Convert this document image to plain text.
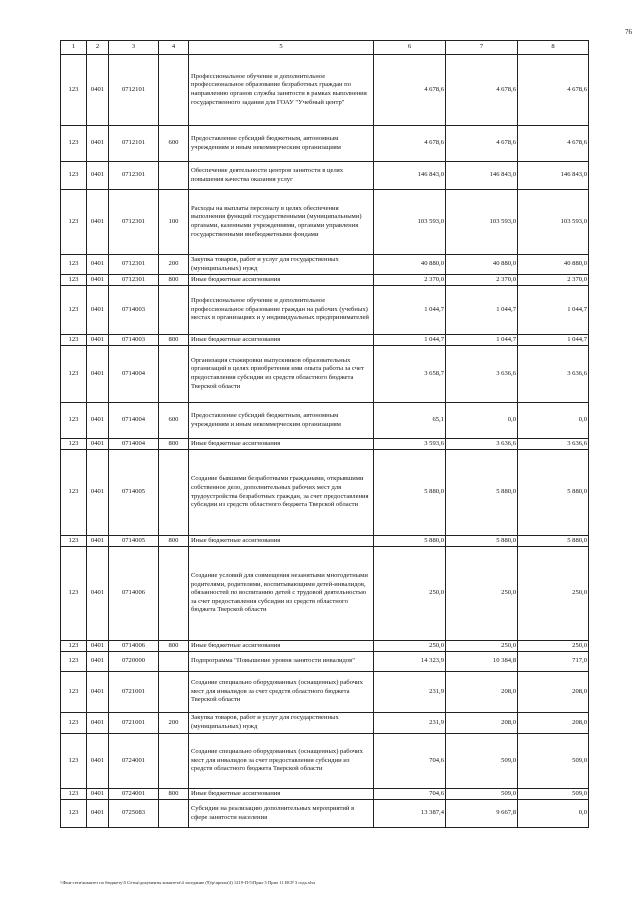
76
1	2	3	4	5	6	7	8
123	0401	0712101		Профессиональное обучение и дополнительное профессиональное образование безработных граждан по направлению органов службы занятости в рамках выполнения государственного задания для ГОАУ "Учебный центр"	4 678,6	4 678,6	4 678,6
123	0401	0712101	600	Предоставление субсидий бюджетным, автономным учреждениям и иным некоммерческим организациям	4 678,6	4 678,6	4 678,6
123	0401	0712301		Обеспечение деятельности центров занятости в целях повышения качества оказания услуг	146 843,0	146 843,0	146 843,0
123	0401	0712301	100	Расходы на выплаты персоналу в целях обеспечения выполнения функций государственными (муниципальными) органами, казенными учреждениями, органами управления государственными внебюджетными фондами	103 593,0	103 593,0	103 593,0
123	0401	0712301	200	Закупка товаров, работ и услуг для государственных (муниципальных) нужд	40 880,0	40 880,0	40 880,0
123	0401	0712301	800	Иные бюджетные ассигнования	2 370,0	2 370,0	2 370,0
123	0401	0714003		Профессиональное обучение и дополнительное профессиональное образование граждан на рабочих (учебных) местах в организациях и у индивидуальных предпринимателей	1 044,7	1 044,7	1 044,7
123	0401	0714003	800	Иные бюджетные ассигнования	1 044,7	1 044,7	1 044,7
123	0401	0714004		Организация стажировки выпускников образовательных организаций в целях приобретения ими опыта работы за счет предоставления субсидии из средств областного бюджета Тверской области	3 658,7	3 636,6	3 636,6
123	0401	0714004	600	Предоставление субсидий бюджетным, автономным учреждениям и иным некоммерческим организациям	65,1	0,0	0,0
123	0401	0714004	800	Иные бюджетные ассигнования	3 593,6	3 636,6	3 636,6
123	0401	0714005		Создание бывшими безработными гражданами, открывшими собственное дело, дополнительных рабочих мест для трудоустройства безработных граждан, за счет предоставления субсидии из средств областного бюджета Тверской области	5 880,0	5 880,0	5 880,0
123	0401	0714005	800	Иные бюджетные ассигнования	5 880,0	5 880,0	5 880,0
123	0401	0714006		Создание условий для совмещения незанятыми многодетными родителями, родителями, воспитывающими детей-инвалидов, обязанностей по воспитанию детей с трудовой деятельностью за счет предоставления субсидии из средств областного бюджета Тверской области	250,0	250,0	250,0
123	0401	0714006	800	Иные бюджетные ассигнования	250,0	250,0	250,0
123	0401	0720000		Подпрограмма "Повышение уровня занятости инвалидов"	14 323,9	10 384,8	717,0
123	0401	0721001		Создание специально оборудованных (оснащенных) рабочих мест для инвалидов за счет средств областного бюджета Тверской области	231,9	208,0	208,0
123	0401	0721001	200	Закупка товаров, работ и услуг для государственных (муниципальных) нужд	231,9	208,0	208,0
123	0401	0724001		Создание специально оборудованных (оснащенных) рабочих мест для инвалидов за счет предоставления субсидии из средств областного бюджета Тверской области	704,6	509,0	509,0
123	0401	0724001	800	Иные бюджетные ассигнования	704,6	509,0	509,0
123	0401	0725083		Субсидии на реализацию дополнительных мероприятий в сфере занятости населения	13 387,4	9 667,8	0,0
\\Фин-сети\комитет по бюджету\5 Сетья\документы комитета\4 заседание (9)\р\прило(4) 1219-П-5\Прил 5 Прил 11 ВСР 3 года.xlsx
